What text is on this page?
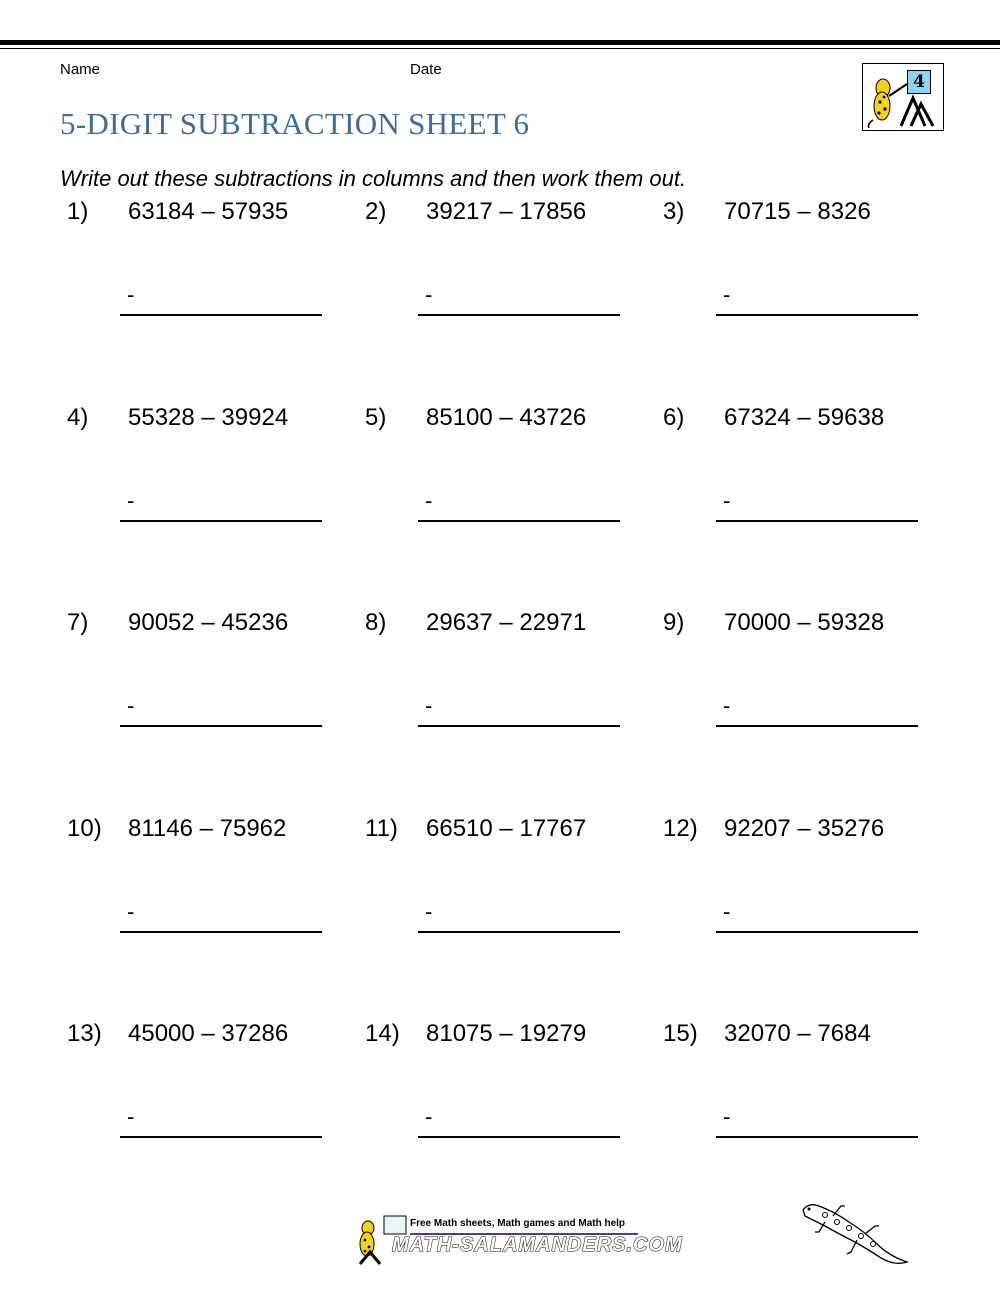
Name	Date
4
5-DIGIT SUBTRACTION SHEET 6

Write out these subtractions in columns and then work them out.

1) 63184 – 57935
-
2) 39217 – 17856
-
3) 70715 – 8326
-
4) 55328 – 39924
-
5) 85100 – 43726
-
6) 67324 – 59638
-
7) 90052 – 45236
-
8) 29637 – 22971
-
9) 70000 – 59328
-
10) 81146 – 75962
-
11) 66510 – 17767
-
12) 92207 – 35276
-
13) 45000 – 37286
-
14) 81075 – 19279
-
15) 32070 – 7684
-
Free Math sheets, Math games and Math help
MATH-SALAMANDERS.COM
